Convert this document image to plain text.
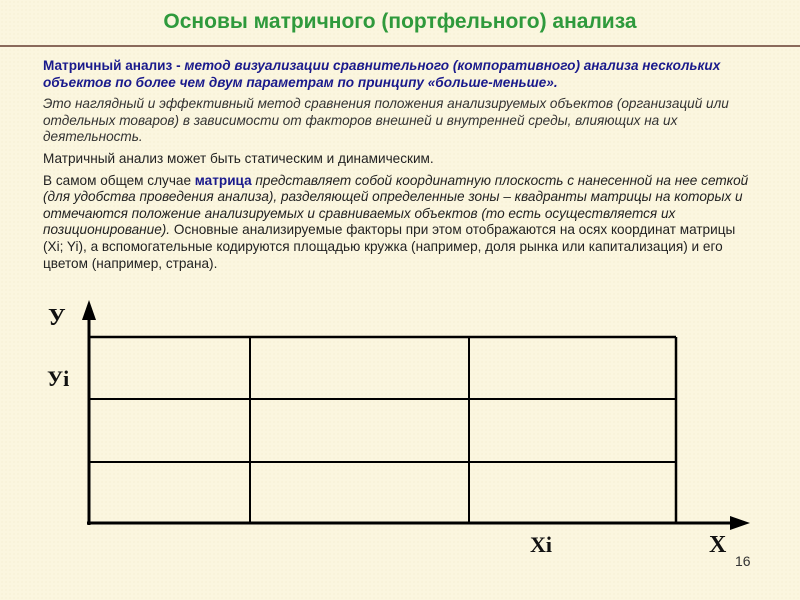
Основы матричного (портфельного) анализа

Матричный анализ - метод визуализации сравнительного (компоративного) анализа нескольких объектов по более чем двум параметрам по принципу «больше-меньше».

Это наглядный и эффективный метод сравнения положения анализируемых объектов (организаций или отдельных товаров) в зависимости от факторов внешней и внутренней среды, влияющих на их деятельность.

Матричный анализ может быть статическим и динамическим.

В самом общем случае матрица представляет собой координатную плоскость с нанесенной на нее сеткой (для удобства проведения анализа), разделяющей определенные зоны – квадранты матрицы на которых и отмечаются положение анализируемых и сравниваемых объектов (то есть осуществляется их позиционирование). Основные анализируемые факторы при этом отображаются на осях координат матрицы (Xi; Yi), а вспомогательные кодируются площадью кружка (например, доля рынка или капитализация) и его цветом (например, страна).

У
Уi
Xi	X
16
